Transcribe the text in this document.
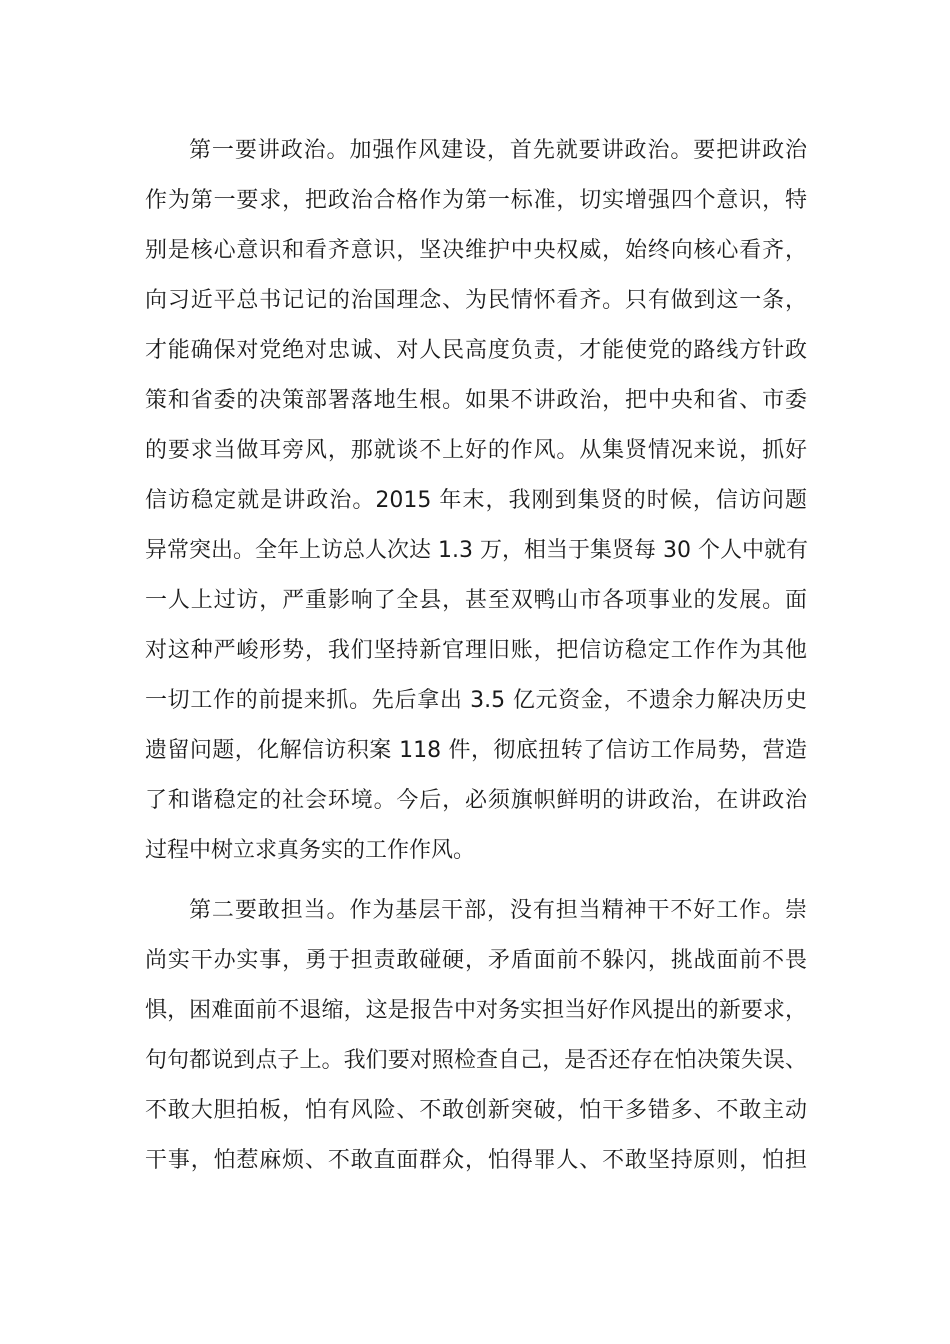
第一要讲政治。加强作风建设，首先就要讲政治。要把讲政治
作为第一要求，把政治合格作为第一标准，切实增强四个意识，特
别是核心意识和看齐意识，坚决维护中央权威，始终向核心看齐，
向习近平总书记记的治国理念、为民情怀看齐。只有做到这一条，
才能确保对党绝对忠诚、对人民高度负责，才能使党的路线方针政
策和省委的决策部署落地生根。如果不讲政治，把中央和省、市委
的要求当做耳旁风，那就谈不上好的作风。从集贤情况来说，抓好
信访稳定就是讲政治。2015 年末，我刚到集贤的时候，信访问题
异常突出。全年上访总人次达 1.3 万，相当于集贤每 30 个人中就有
一人上过访，严重影响了全县，甚至双鸭山市各项事业的发展。面
对这种严峻形势，我们坚持新官理旧账，把信访稳定工作作为其他
一切工作的前提来抓。先后拿出 3.5 亿元资金，不遗余力解决历史
遗留问题，化解信访积案 118 件，彻底扭转了信访工作局势，营造
了和谐稳定的社会环境。今后，必须旗帜鲜明的讲政治，在讲政治
过程中树立求真务实的工作作风。
第二要敢担当。作为基层干部，没有担当精神干不好工作。崇
尚实干办实事，勇于担责敢碰硬，矛盾面前不躲闪，挑战面前不畏
惧，困难面前不退缩，这是报告中对务实担当好作风提出的新要求，
句句都说到点子上。我们要对照检查自己，是否还存在怕决策失误、
不敢大胆拍板，怕有风险、不敢创新突破，怕干多错多、不敢主动
干事，怕惹麻烦、不敢直面群众，怕得罪人、不敢坚持原则，怕担
